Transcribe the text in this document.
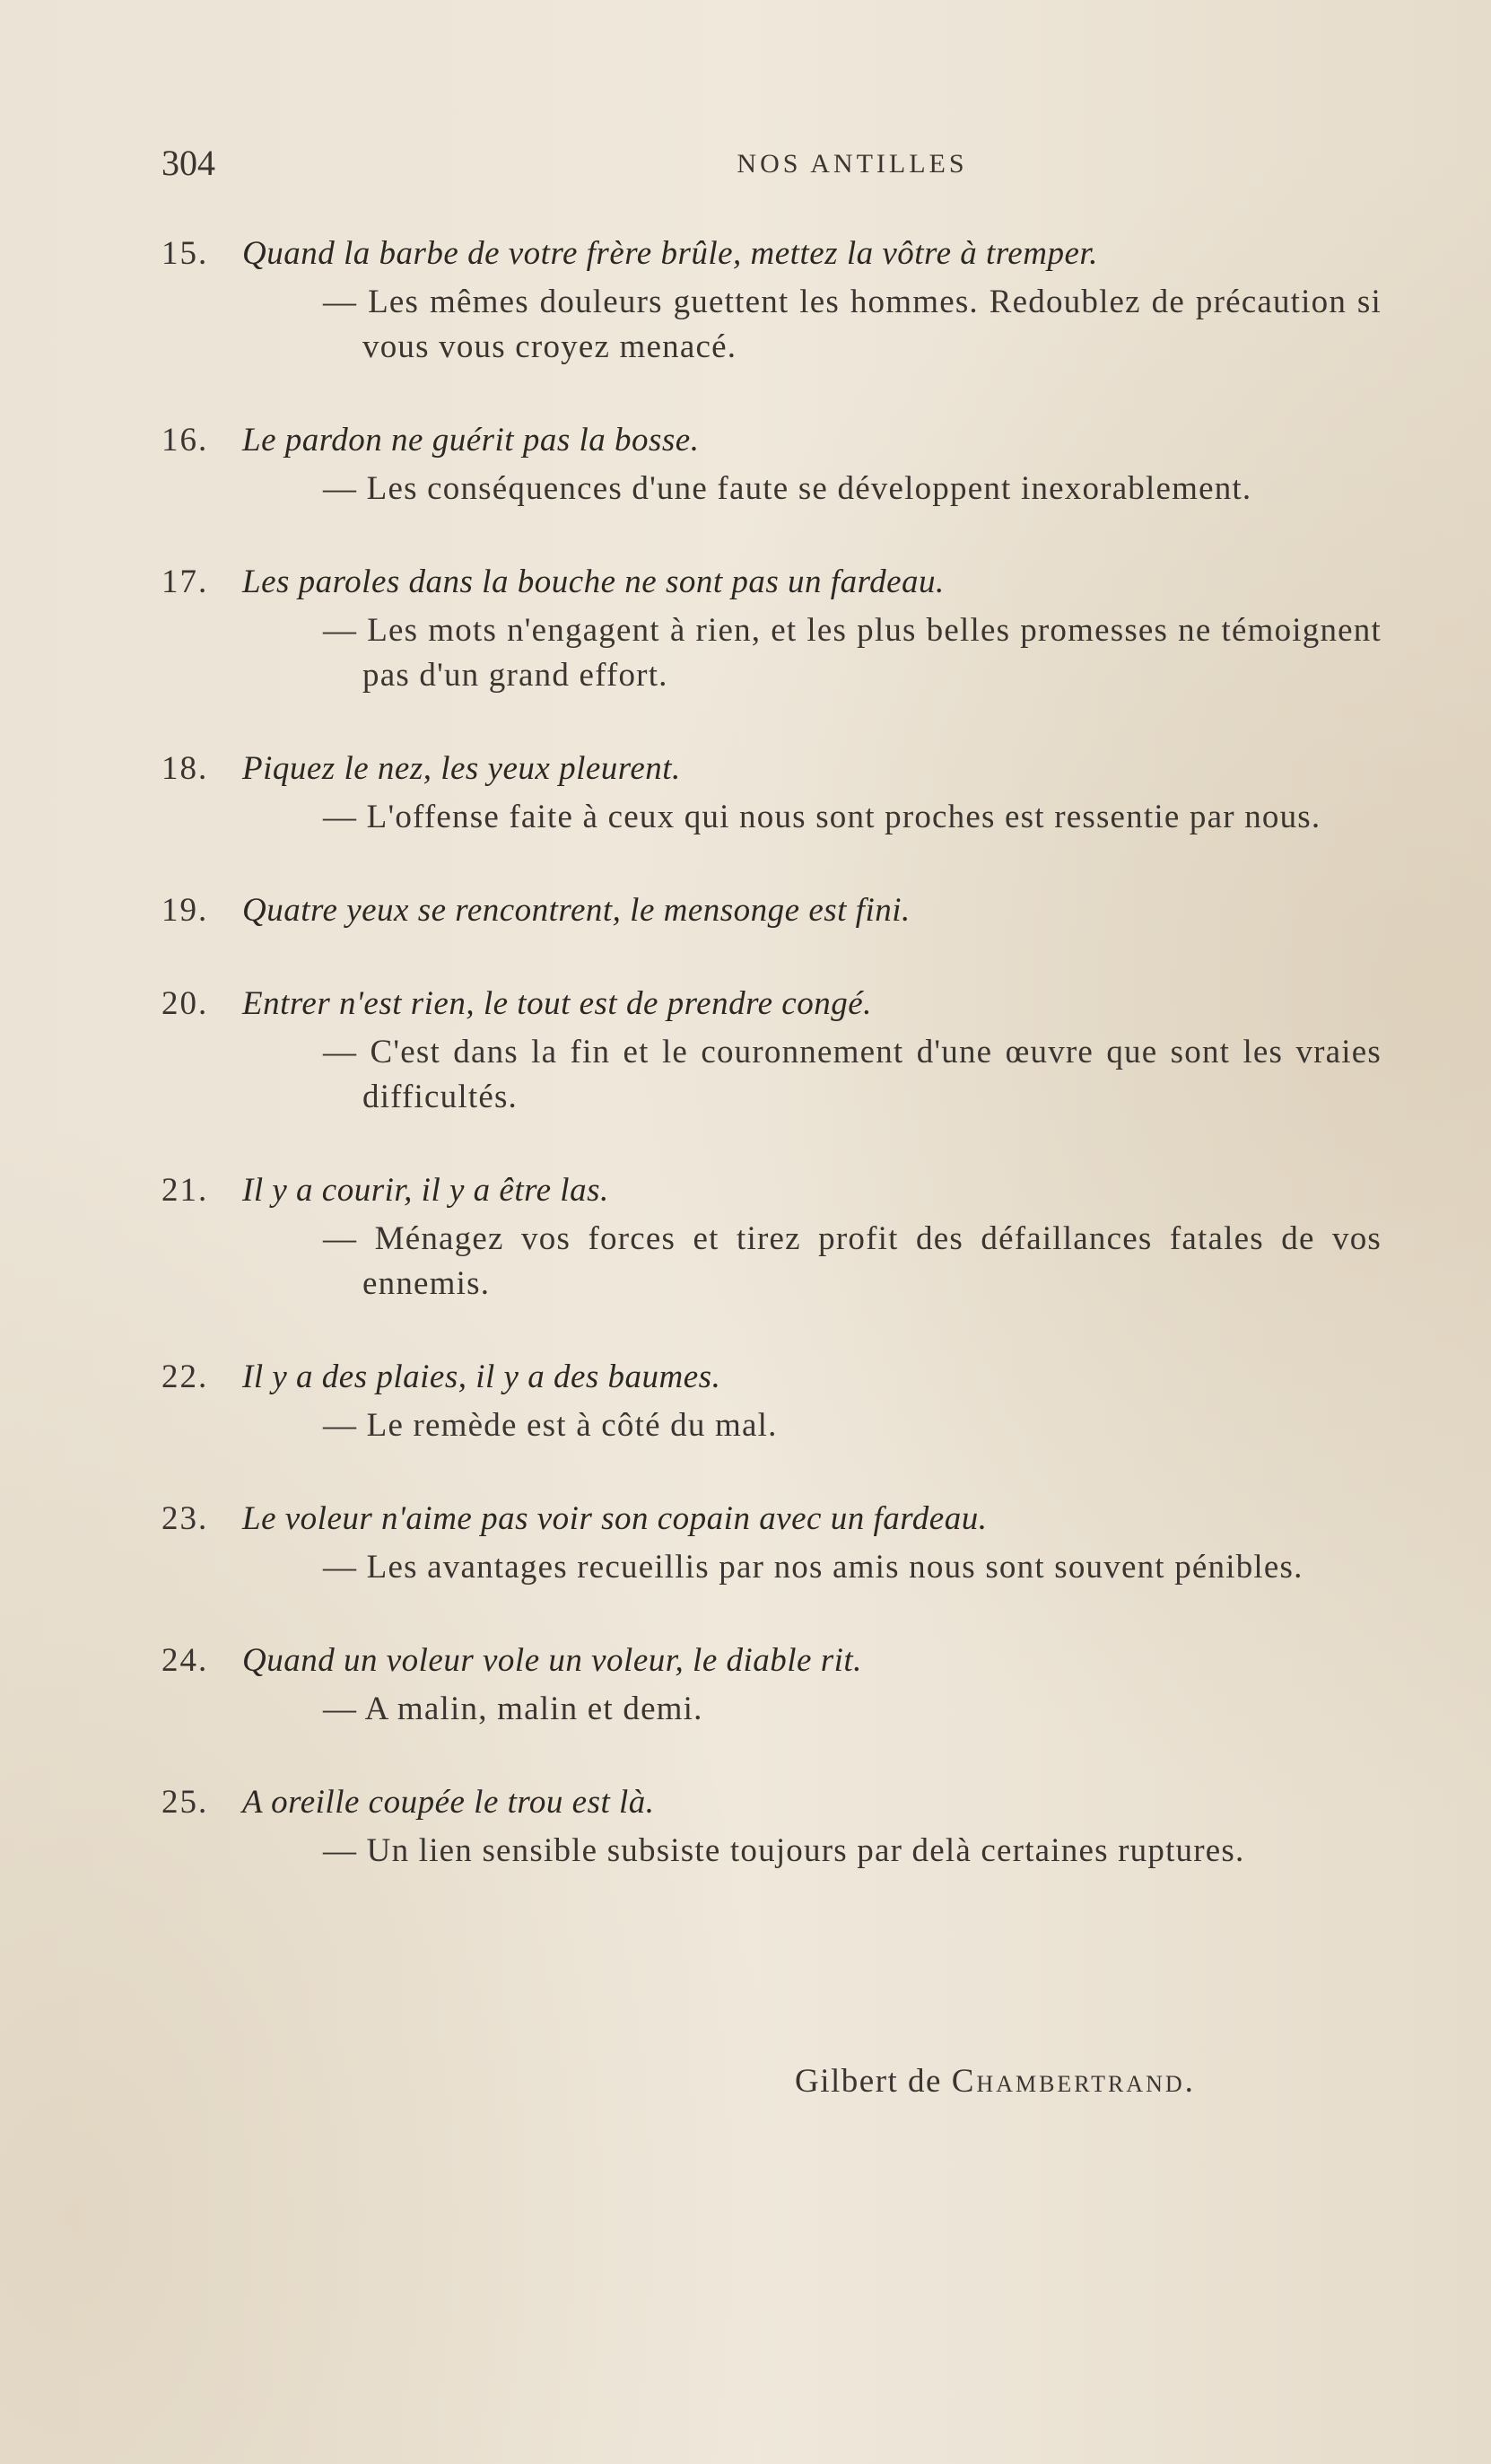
304	NOS ANTILLES
15.	Quand la barbe de votre frère brûle, mettez la vôtre à tremper.
— Les mêmes douleurs guettent les hommes. Redoublez de précaution si vous vous croyez menacé.
16.	Le pardon ne guérit pas la bosse.
— Les conséquences d'une faute se développent inexorablement.
17.	Les paroles dans la bouche ne sont pas un fardeau.
— Les mots n'engagent à rien, et les plus belles promesses ne témoignent pas d'un grand effort.
18.	Piquez le nez, les yeux pleurent.
— L'offense faite à ceux qui nous sont proches est ressentie par nous.
19.	Quatre yeux se rencontrent, le mensonge est fini.
20.	Entrer n'est rien, le tout est de prendre congé.
— C'est dans la fin et le couronnement d'une œuvre que sont les vraies difficultés.
21.	Il y a courir, il y a être las.
— Ménagez vos forces et tirez profit des défaillances fatales de vos ennemis.
22.	Il y a des plaies, il y a des baumes.
— Le remède est à côté du mal.
23.	Le voleur n'aime pas voir son copain avec un fardeau.
— Les avantages recueillis par nos amis nous sont souvent pénibles.
24.	Quand un voleur vole un voleur, le diable rit.
— A malin, malin et demi.
25.	A oreille coupée le trou est là.
— Un lien sensible subsiste toujours par delà certaines ruptures.
Gilbert de Chambertrand.
